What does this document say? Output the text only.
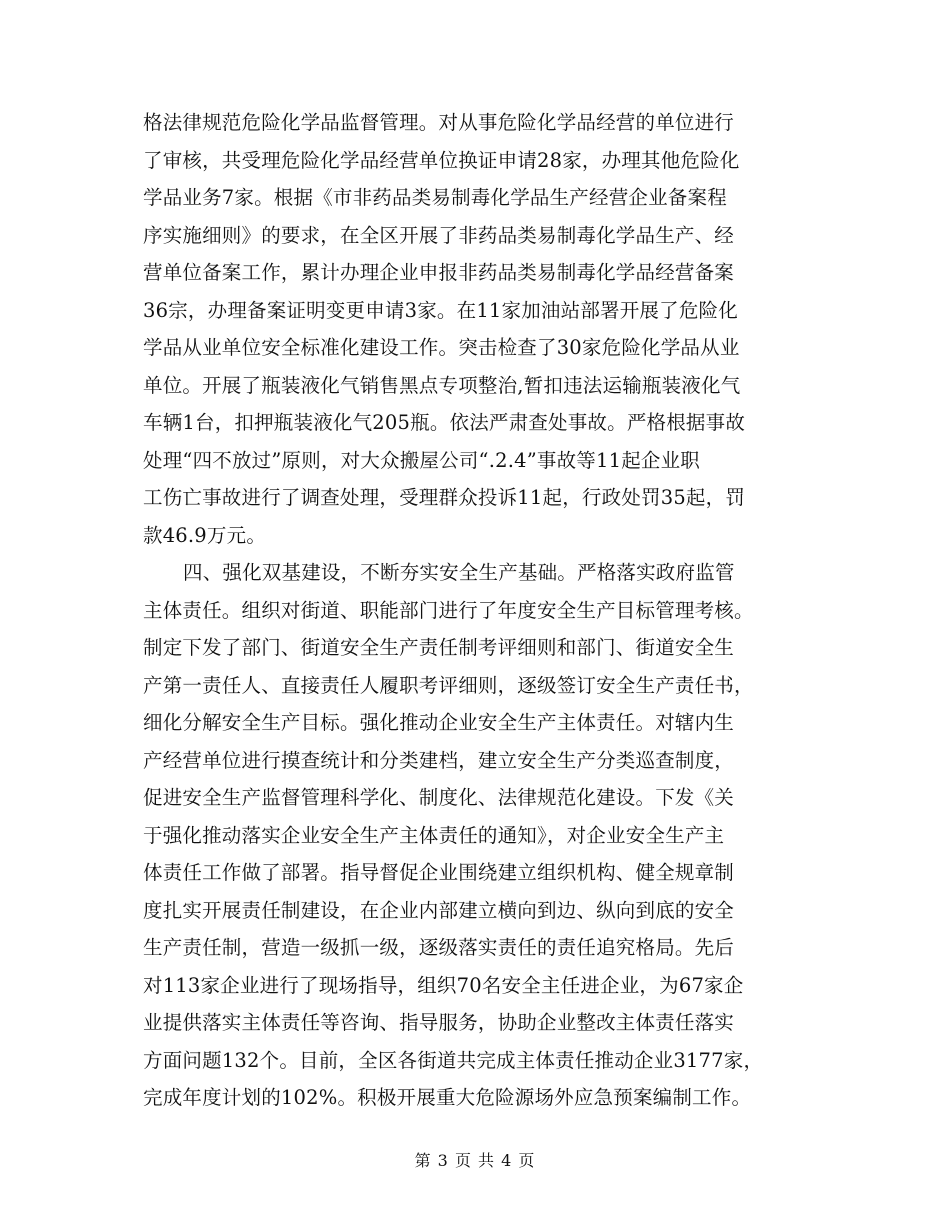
格法律规范危险化学品监督管理。对从事危险化学品经营的单位进行
了审核，共受理危险化学品经营单位换证申请28家，办理其他危险化
学品业务7家。根据《市非药品类易制毒化学品生产经营企业备案程
序实施细则》的要求，在全区开展了非药品类易制毒化学品生产、经
营单位备案工作，累计办理企业申报非药品类易制毒化学品经营备案
36宗，办理备案证明变更申请3家。在11家加油站部署开展了危险化
学品从业单位安全标准化建设工作。突击检查了30家危险化学品从业
单位。开展了瓶装液化气销售黑点专项整治,暂扣违法运输瓶装液化气
车辆1台，扣押瓶装液化气205瓶。依法严肃查处事故。严格根据事故
处理“四不放过”原则，对大众搬屋公司“.2.4”事故等11起企业职
工伤亡事故进行了调查处理，受理群众投诉11起，行政处罚35起，罚
款46.9万元。
四、强化双基建设，不断夯实安全生产基础。严格落实政府监管
主体责任。组织对街道、职能部门进行了年度安全生产目标管理考核。
制定下发了部门、街道安全生产责任制考评细则和部门、街道安全生
产第一责任人、直接责任人履职考评细则，逐级签订安全生产责任书，
细化分解安全生产目标。强化推动企业安全生产主体责任。对辖内生
产经营单位进行摸查统计和分类建档，建立安全生产分类巡查制度，
促进安全生产监督管理科学化、制度化、法律规范化建设。下发《关
于强化推动落实企业安全生产主体责任的通知》，对企业安全生产主
体责任工作做了部署。指导督促企业围绕建立组织机构、健全规章制
度扎实开展责任制建设，在企业内部建立横向到边、纵向到底的安全
生产责任制，营造一级抓一级，逐级落实责任的责任追究格局。先后
对113家企业进行了现场指导，组织70名安全主任进企业，为67家企
业提供落实主体责任等咨询、指导服务，协助企业整改主体责任落实
方面问题132个。目前，全区各街道共完成主体责任推动企业3177家，
完成年度计划的102%。积极开展重大危险源场外应急预案编制工作。
第 3 页 共 4 页
